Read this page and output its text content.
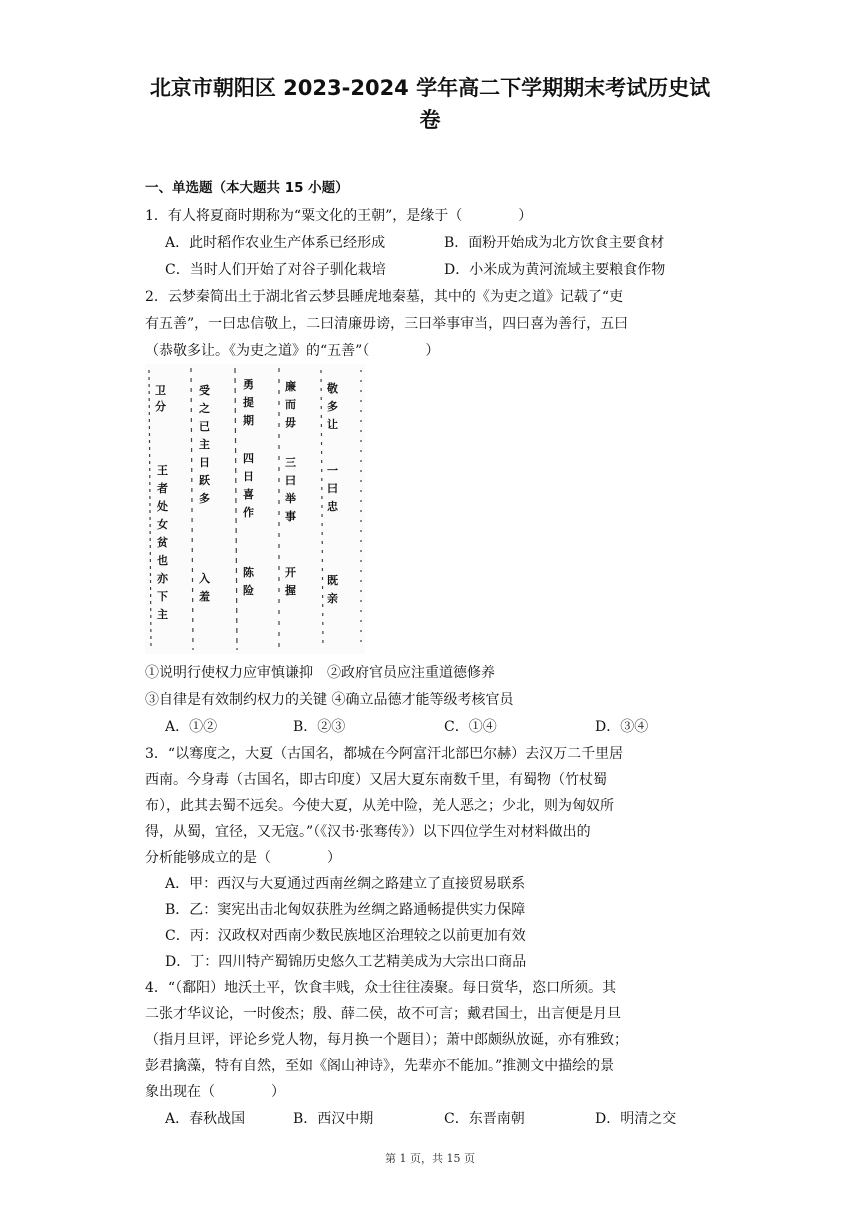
北京市朝阳区 2023-2024 学年高二下学期期末考试历史试
卷
一、单选题（本大题共 15 小题）
1．有人将夏商时期称为“粟文化的王朝”，是缘于（　　　　）
A．此时稻作农业生产体系已经形成	B．面粉开始成为北方饮食主要食材
C．当时人们开始了对谷子驯化栽培	D．小米成为黄河流域主要粮食作物
2．云梦秦简出土于湖北省云梦县睡虎地秦墓，其中的《为吏之道》记载了“吏
有五善”，一曰忠信敬上，二曰清廉毋谤，三曰举事审当，四曰喜为善行，五曰
（恭敬多让。《为吏之道》的“五善”（　　　　）
卫
分
王
者
处
女
贫
也
亦
下
主
受
之
已
主
日
跃
多
入
羞
勇
提
期
四
日
喜
作
陈
险
廉
而
毋
三
曰
举
事
开
握
敬
多
让
一
曰
忠
既
亲
①说明行使权力应审慎谦抑　②政府官员应注重道德修养
③自律是有效制约权力的关键 ④确立品德才能等级考核官员
A．①②	B．②③	C．①④	D．③④
3．“以骞度之，大夏（古国名，都城在今阿富汗北部巴尔赫）去汉万二千里居
西南。今身毒（古国名，即古印度）又居大夏东南数千里，有蜀物（竹杖蜀
布），此其去蜀不远矣。今使大夏，从羌中险，羌人恶之；少北，则为匈奴所
得，从蜀，宜径，又无寇。”（《汉书·张骞传》）以下四位学生对材料做出的
分析能够成立的是（　　　　）
A．甲：西汉与大夏通过西南丝绸之路建立了直接贸易联系
B．乙：窦宪出击北匈奴获胜为丝绸之路通畅提供实力保障
C．丙：汉政权对西南少数民族地区治理较之以前更加有效
D．丁：四川特产蜀锦历史悠久工艺精美成为大宗出口商品
4．“（鄱阳）地沃土平，饮食丰贱，众士往往凑聚。每日赏华，恣口所须。其
二张才华议论，一时俊杰；殷、薛二侯，故不可言；戴君国士，出言便是月旦
（指月旦评，评论乡党人物，每月换一个题目）；萧中郎颇纵放诞，亦有雅致；
彭君擒藻，特有自然，至如《阁山神诗》，先辈亦不能加。”推测文中描绘的景
象出现在（　　　　）
A．春秋战国	B．西汉中期	C．东晋南朝	D．明清之交
第 1 页，共 15 页
